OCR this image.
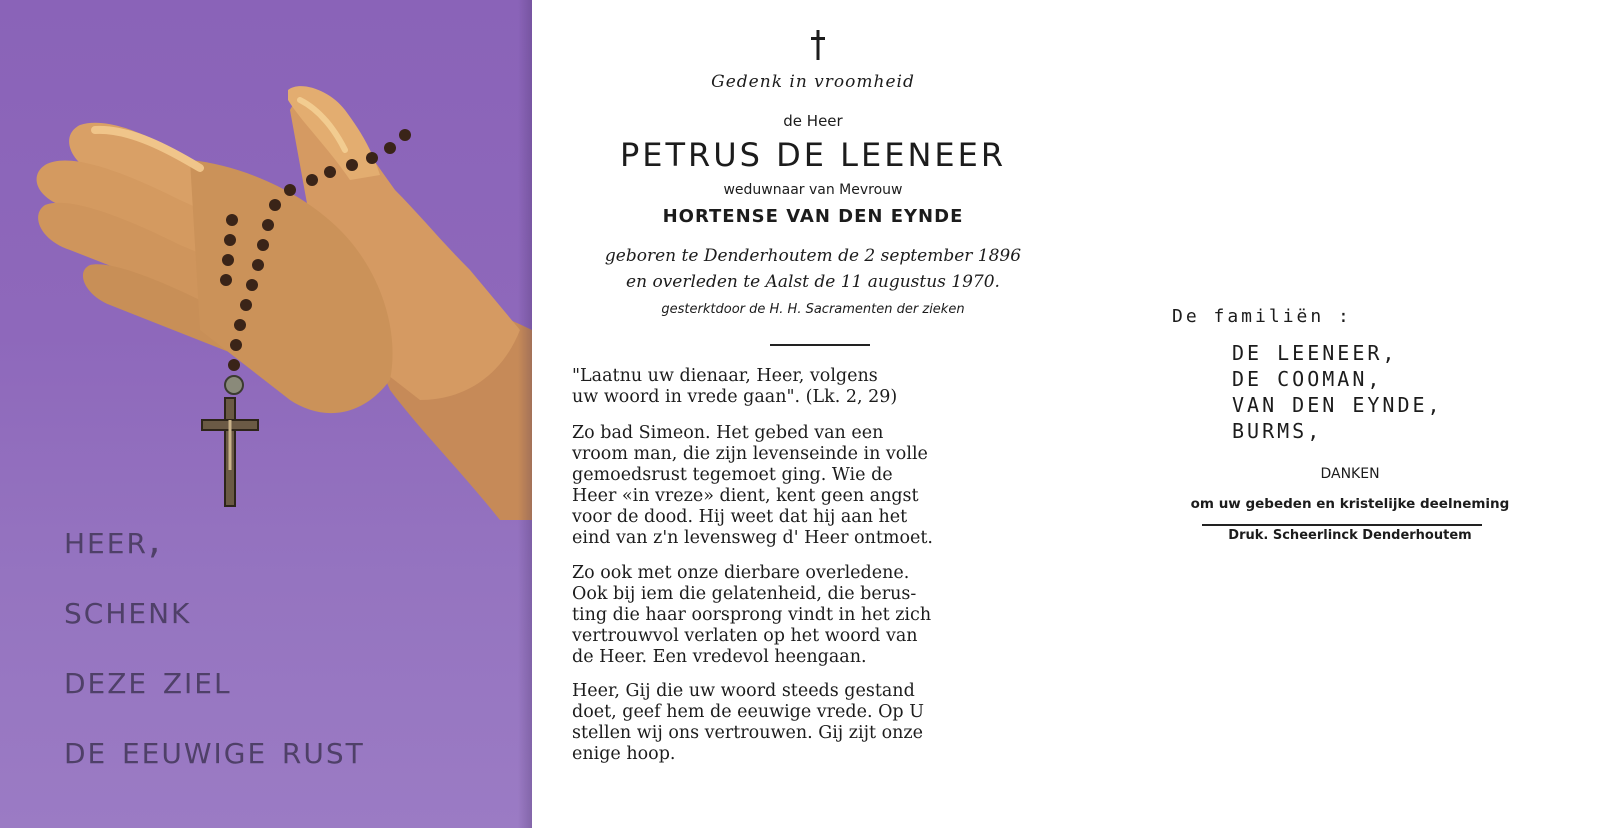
heer,
schenk
deze ziel
de eeuwige rust
Gedenk in vroomheid
de Heer
PETRUS DE LEENEER
weduwnaar van Mevrouw
HORTENSE VAN DEN EYNDE
geboren te Denderhoutem de 2 september 1896
en overleden te Aalst de 11 augustus 1970.
gesterktdoor de H. H. Sacramenten der zieken
"Laatnu uw dienaar, Heer, volgens
uw woord in vrede gaan". (Lk. 2, 29)
Zo bad Simeon. Het gebed van een
vroom man, die zijn levenseinde in volle
gemoedsrust tegemoet ging. Wie de
Heer «in vreze» dient, kent geen angst
voor de dood. Hij weet dat hij aan het
eind van z'n levensweg d' Heer ontmoet.
Zo ook met onze dierbare overledene.
Ook bij iem die gelatenheid, die berus-
ting die haar oorsprong vindt in het zich
vertrouwvol verlaten op het woord van
de Heer. Een vredevol heengaan.
Heer, Gij die uw woord steeds gestand
doet, geef hem de eeuwige vrede. Op U
stellen wij ons vertrouwen. Gij zijt onze
enige hoop.
De familiën :
DE LEENEER,
DE COOMAN,
VAN DEN EYNDE,
BURMS,
DANKEN
om uw gebeden en kristelijke deelneming
Druk. Scheerlinck Denderhoutem
